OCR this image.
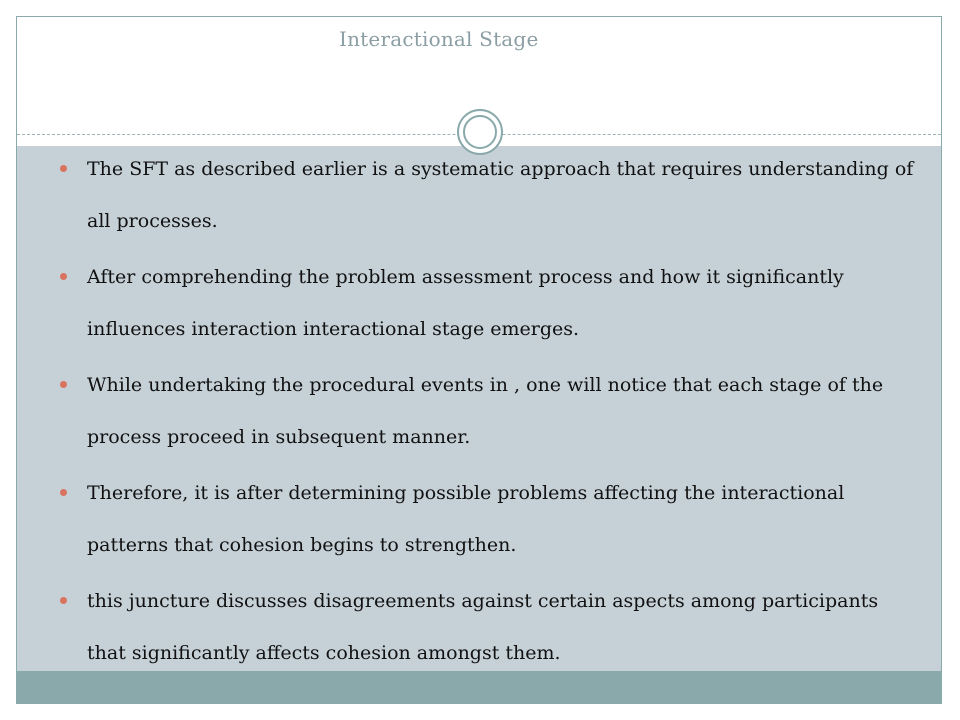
Interactional Stage
The SFT as described earlier is a systematic approach that requires understanding of all processes.
After comprehending the problem assessment process and how it significantly influences interaction interactional stage emerges.
While undertaking the procedural events in , one will notice that each stage of the process proceed in subsequent manner.
Therefore, it is after determining possible problems affecting the interactional patterns that cohesion begins to strengthen.
this juncture discusses disagreements against certain aspects among participants that significantly affects cohesion amongst them.
